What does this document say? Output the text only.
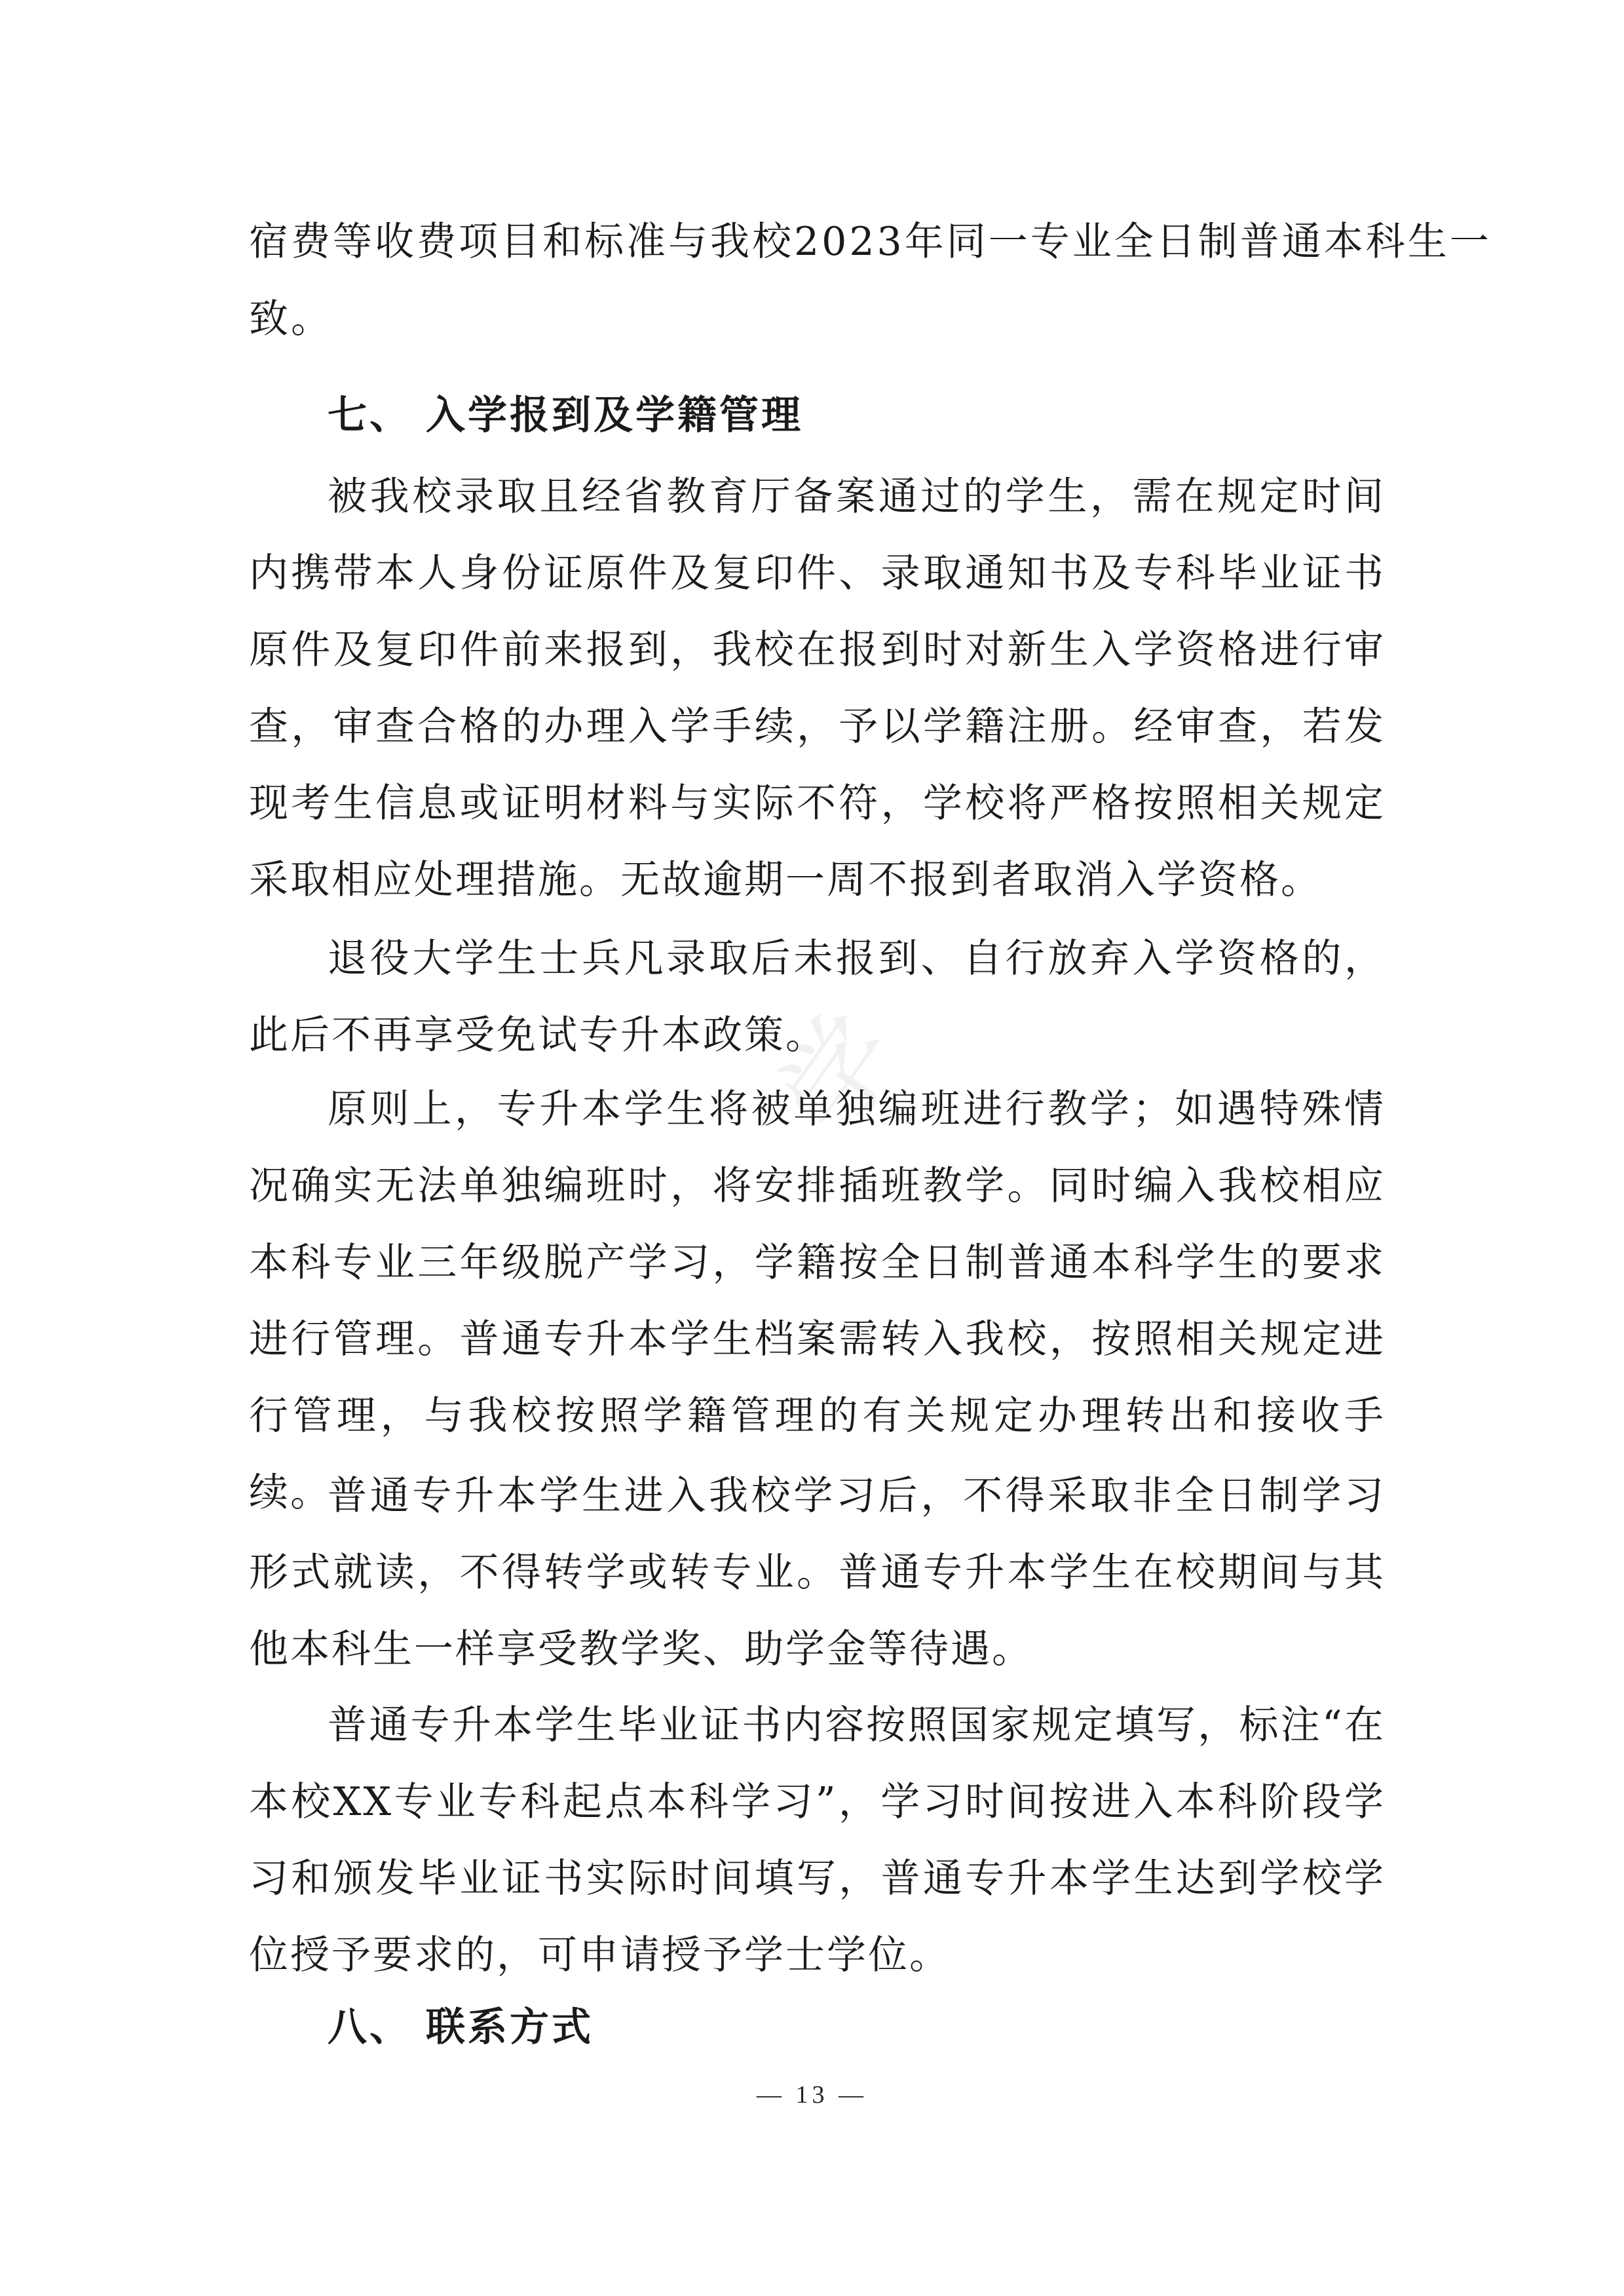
学
宿费等收费项目和标准与我校2023年同一专业全日制普通本科生一
致。
七、 入学报到及学籍管理

被我校录取且经省教育厅备案通过的学生，需在规定时间内携带本人身份证原件及复印件、录取通知书及专科毕业证书原件及复印件前来报到，我校在报到时对新生入学资格进行审查，审查合格的办理入学手续，予以学籍注册。经审查，若发现考生信息或证明材料与实际不符，学校将严格按照相关规定采取相应处理措施。无故逾期一周不报到者取消入学资格。

退役大学生士兵凡录取后未报到、自行放弃入学资格的，此后不再享受免试专升本政策。

原则上，专升本学生将被单独编班进行教学；如遇特殊情况确实无法单独编班时，将安排插班教学。同时编入我校相应本科专业三年级脱产学习，学籍按全日制普通本科学生的要求进行管理。普通专升本学生档案需转入我校，按照相关规定进行管理，与我校按照学籍管理的有关规定办理转出和接收手续。

普通专升本学生进入我校学习后，不得采取非全日制学习形式就读，不得转学或转专业。普通专升本学生在校期间与其他本科生一样享受教学奖、助学金等待遇。

普通专升本学生毕业证书内容按照国家规定填写，标注“在本校XX专业专科起点本科学习”，学习时间按进入本科阶段学习和颁发毕业证书实际时间填写，普通专升本学生达到学校学位授予要求的，可申请授予学士学位。

八、 联系方式
— 13 —
